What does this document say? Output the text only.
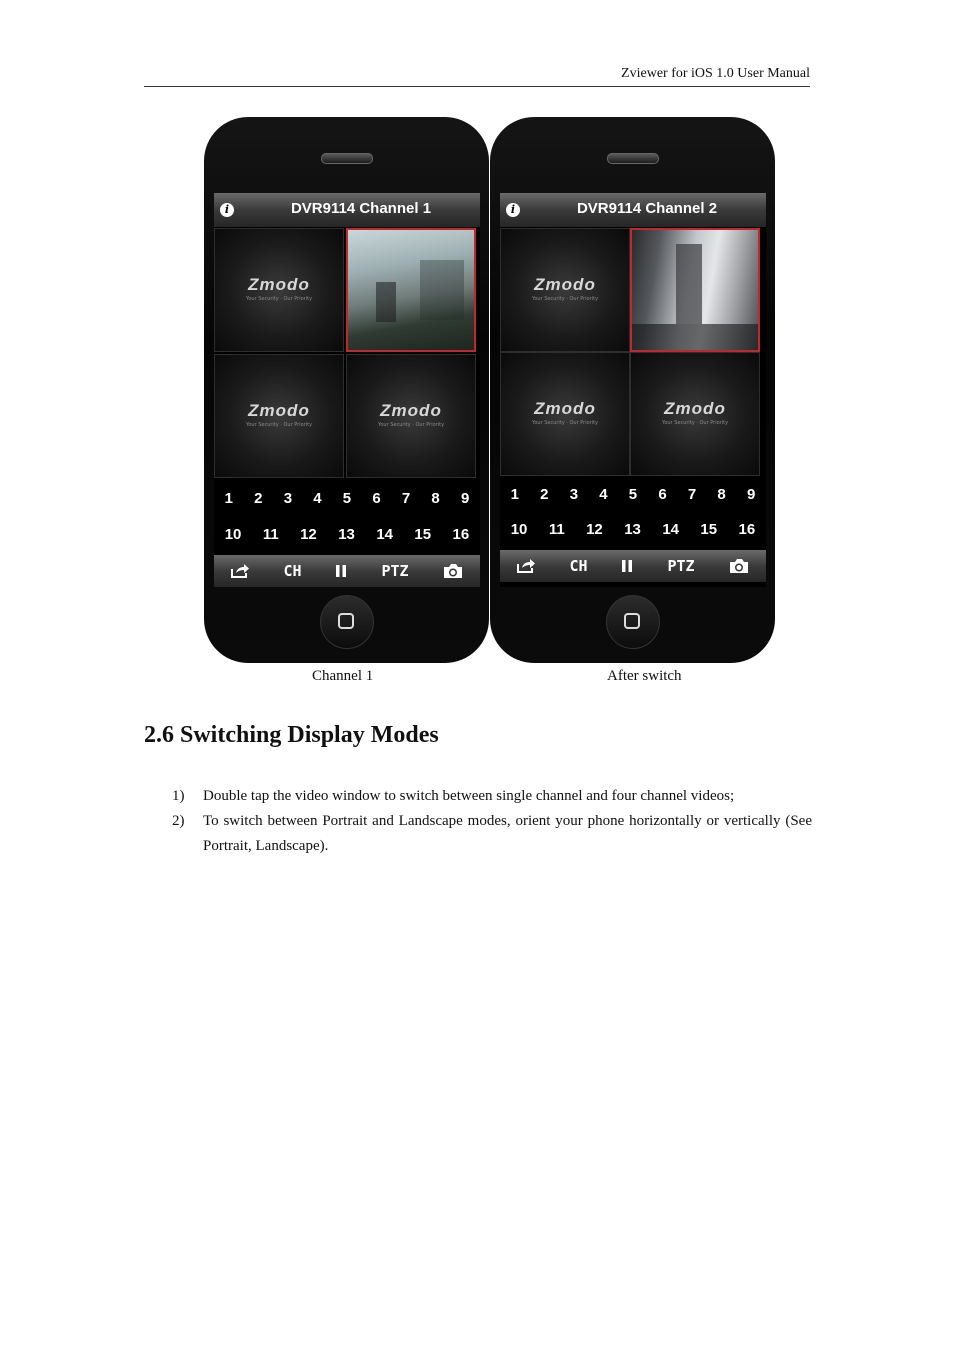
Zviewer for iOS 1.0 User Manual
i	DVR9114 Channel 1
Zmodo
Your Security · Our Priority
Zmodo
Your Security · Our Priority
Zmodo
Your Security · Our Priority
1 2 3 4 5 6 7 8 9
10 11 12 13 14 15 16
CH	PTZ
i	DVR9114 Channel 2
Zmodo
Your Security · Our Priority
Zmodo
Your Security · Our Priority
Zmodo
Your Security · Our Priority
1 2 3 4 5 6 7 8 9
10 11 12 13 14 15 16
CH	PTZ
Channel 1	After switch
2.6 Switching Display Modes
1) Double tap the video window to switch between single channel and four channel videos;
2) To switch between Portrait and Landscape modes, orient your phone horizontally or vertically (See Portrait, Landscape).
